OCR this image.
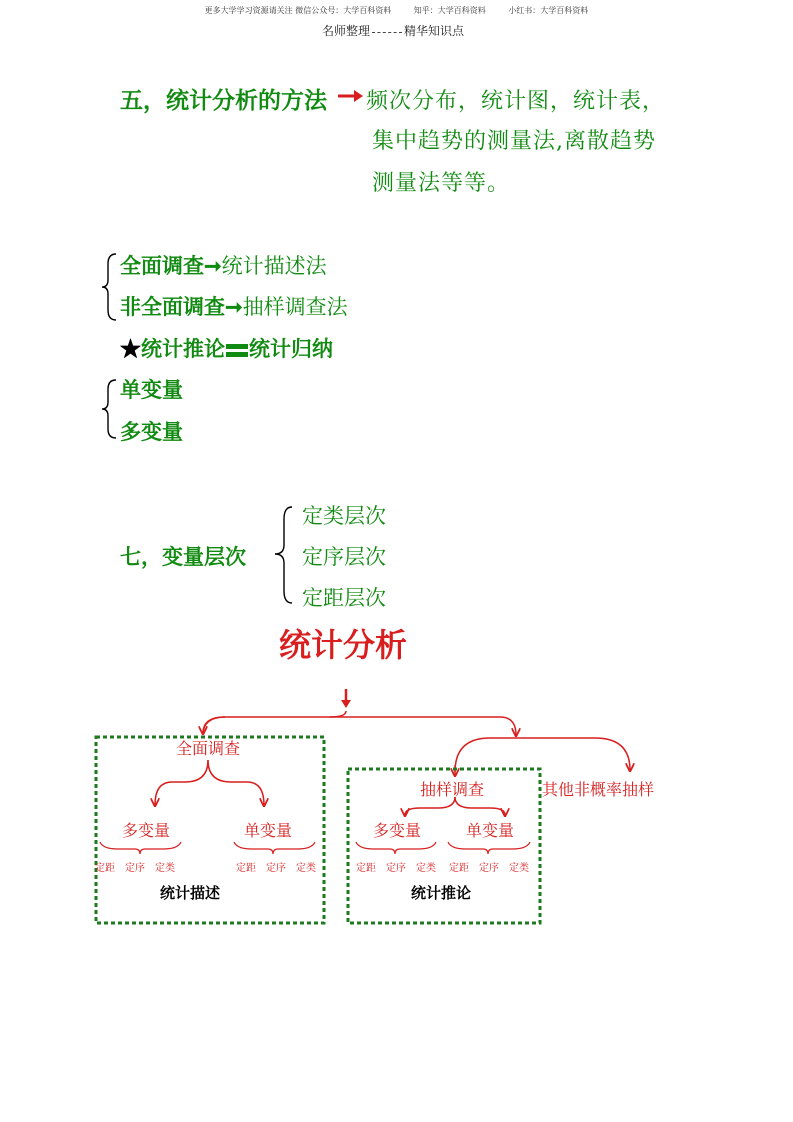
更多大学学习资源请关注 微信公众号：大学百科资料	知乎：大学百科资料	小红书：大学百科资料
名师整理	精华知识点
五，统计分析的方法 频次分布，统计图，统计表，
集中趋势的测量法,离散趋势
测量法等等。
全面调查➞统计描述法
非全面调查➞抽样调查法
★统计推论 统计归纳
单变量
多变量
七，变量层次
定类层次
定序层次
定距层次
统计分析
全面调查
多变量	单变量
定距 定序 定类	定距 定序 定类
统计描述
抽样调查
多变量	单变量
定距 定序 定类 定距 定序 定类
统计推论
其他非概率抽样
